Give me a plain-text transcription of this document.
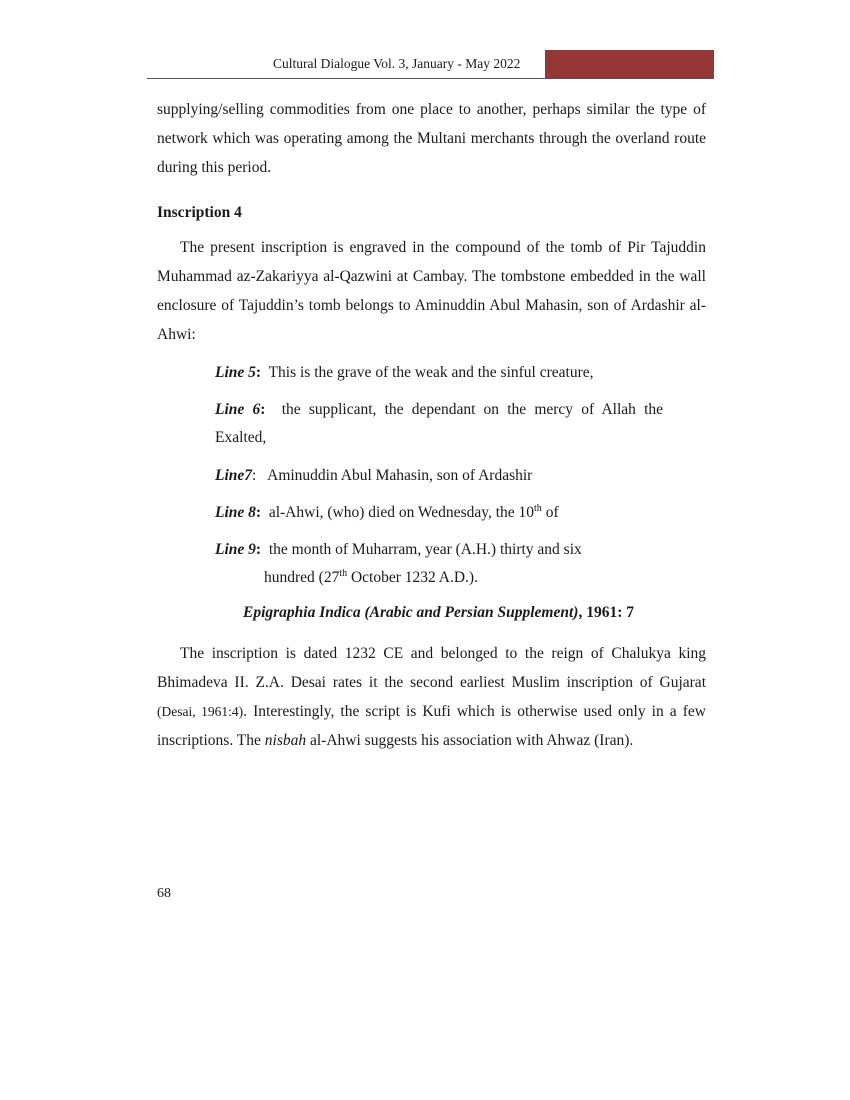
Cultural Dialogue Vol. 3, January - May 2022

supplying/selling commodities from one place to another, perhaps similar the type of network which was operating among the Multani merchants through the overland route during this period.

Inscription 4

The present inscription is engraved in the compound of the tomb of Pir Tajuddin Muhammad az-Zakariyya al-Qazwini at Cambay. The tombstone embedded in the wall enclosure of Tajuddin’s tomb belongs to Aminuddin Abul Mahasin, son of Ardashir al-Ahwi:

Line 5: This is the grave of the weak and the sinful creature,

Line 6: the supplicant, the dependant on the mercy of Allah the Exalted,

Line7: Aminuddin Abul Mahasin, son of Ardashir

Line 8: al-Ahwi, (who) died on Wednesday, the 10th of

Line 9: the month of Muharram, year (A.H.) thirty and six
hundred (27th October 1232 A.D.).

Epigraphia Indica (Arabic and Persian Supplement), 1961: 7

The inscription is dated 1232 CE and belonged to the reign of Chalukya king Bhimadeva II. Z.A. Desai rates it the second earliest Muslim inscription of Gujarat (Desai, 1961:4). Interestingly, the script is Kufi which is otherwise used only in a few inscriptions. The nisbah al-Ahwi suggests his association with Ahwaz (Iran).

68
